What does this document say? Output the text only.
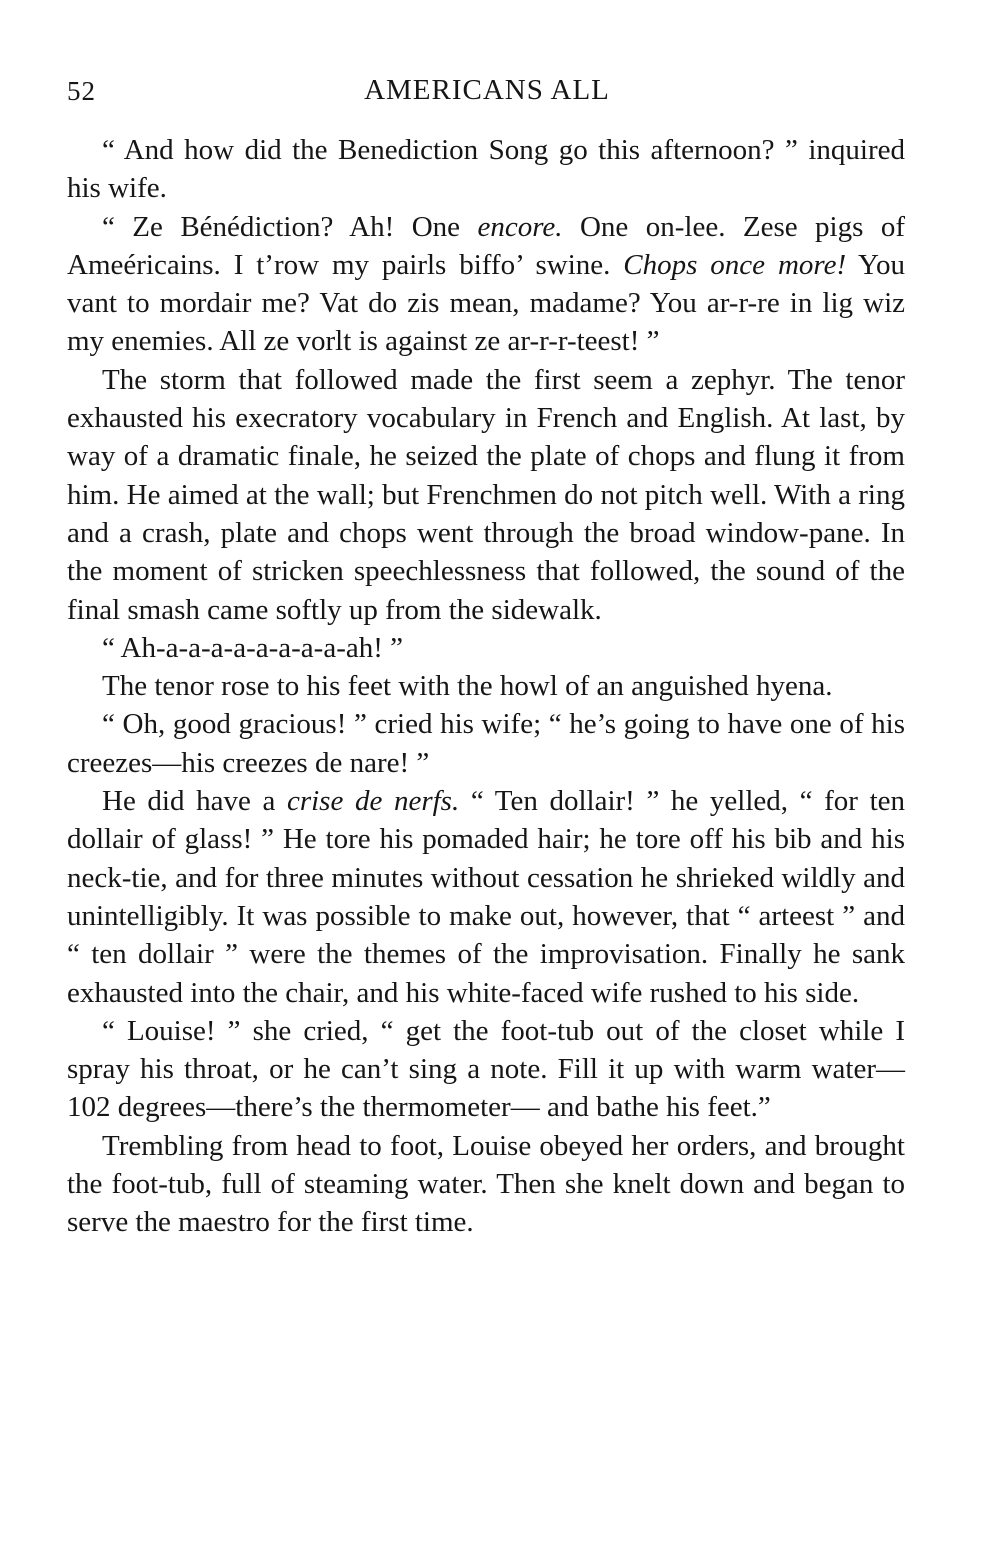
52	AMERICANS ALL

“ And how did the Benediction Song go this afternoon? ” inquired his wife.

“ Ze Bénédiction? Ah! One encore. One on-lee. Zese pigs of Ameéricains. I t’row my pairls biffo’ swine. Chops once more! You vant to mordair me? Vat do zis mean, madame? You ar-r-re in lig wiz my enemies. All ze vorlt is against ze ar-r-r-teest! ”

The storm that followed made the first seem a zephyr. The tenor exhausted his execratory vocabulary in French and English. At last, by way of a dramatic finale, he seized the plate of chops and flung it from him. He aimed at the wall; but Frenchmen do not pitch well. With a ring and a crash, plate and chops went through the broad window-pane. In the moment of stricken speechlessness that followed, the sound of the final smash came softly up from the sidewalk.

“ Ah-a-a-a-a-a-a-a-a-ah! ”

The tenor rose to his feet with the howl of an anguished hyena.

“ Oh, good gracious! ” cried his wife; “ he’s going to have one of his creezes—his creezes de nare! ”

He did have a crise de nerfs. “ Ten dollair! ” he yelled, “ for ten dollair of glass! ” He tore his pomaded hair; he tore off his bib and his neck-tie, and for three minutes without cessation he shrieked wildly and unintelligibly. It was possible to make out, however, that “ arteest ” and “ ten dollair ” were the themes of the improvisation. Finally he sank exhausted into the chair, and his white-faced wife rushed to his side.

“ Louise! ” she cried, “ get the foot-tub out of the closet while I spray his throat, or he can’t sing a note. Fill it up with warm water—102 degrees—there’s the thermometer— and bathe his feet.”

Trembling from head to foot, Louise obeyed her orders, and brought the foot-tub, full of steaming water. Then she knelt down and began to serve the maestro for the first time.
